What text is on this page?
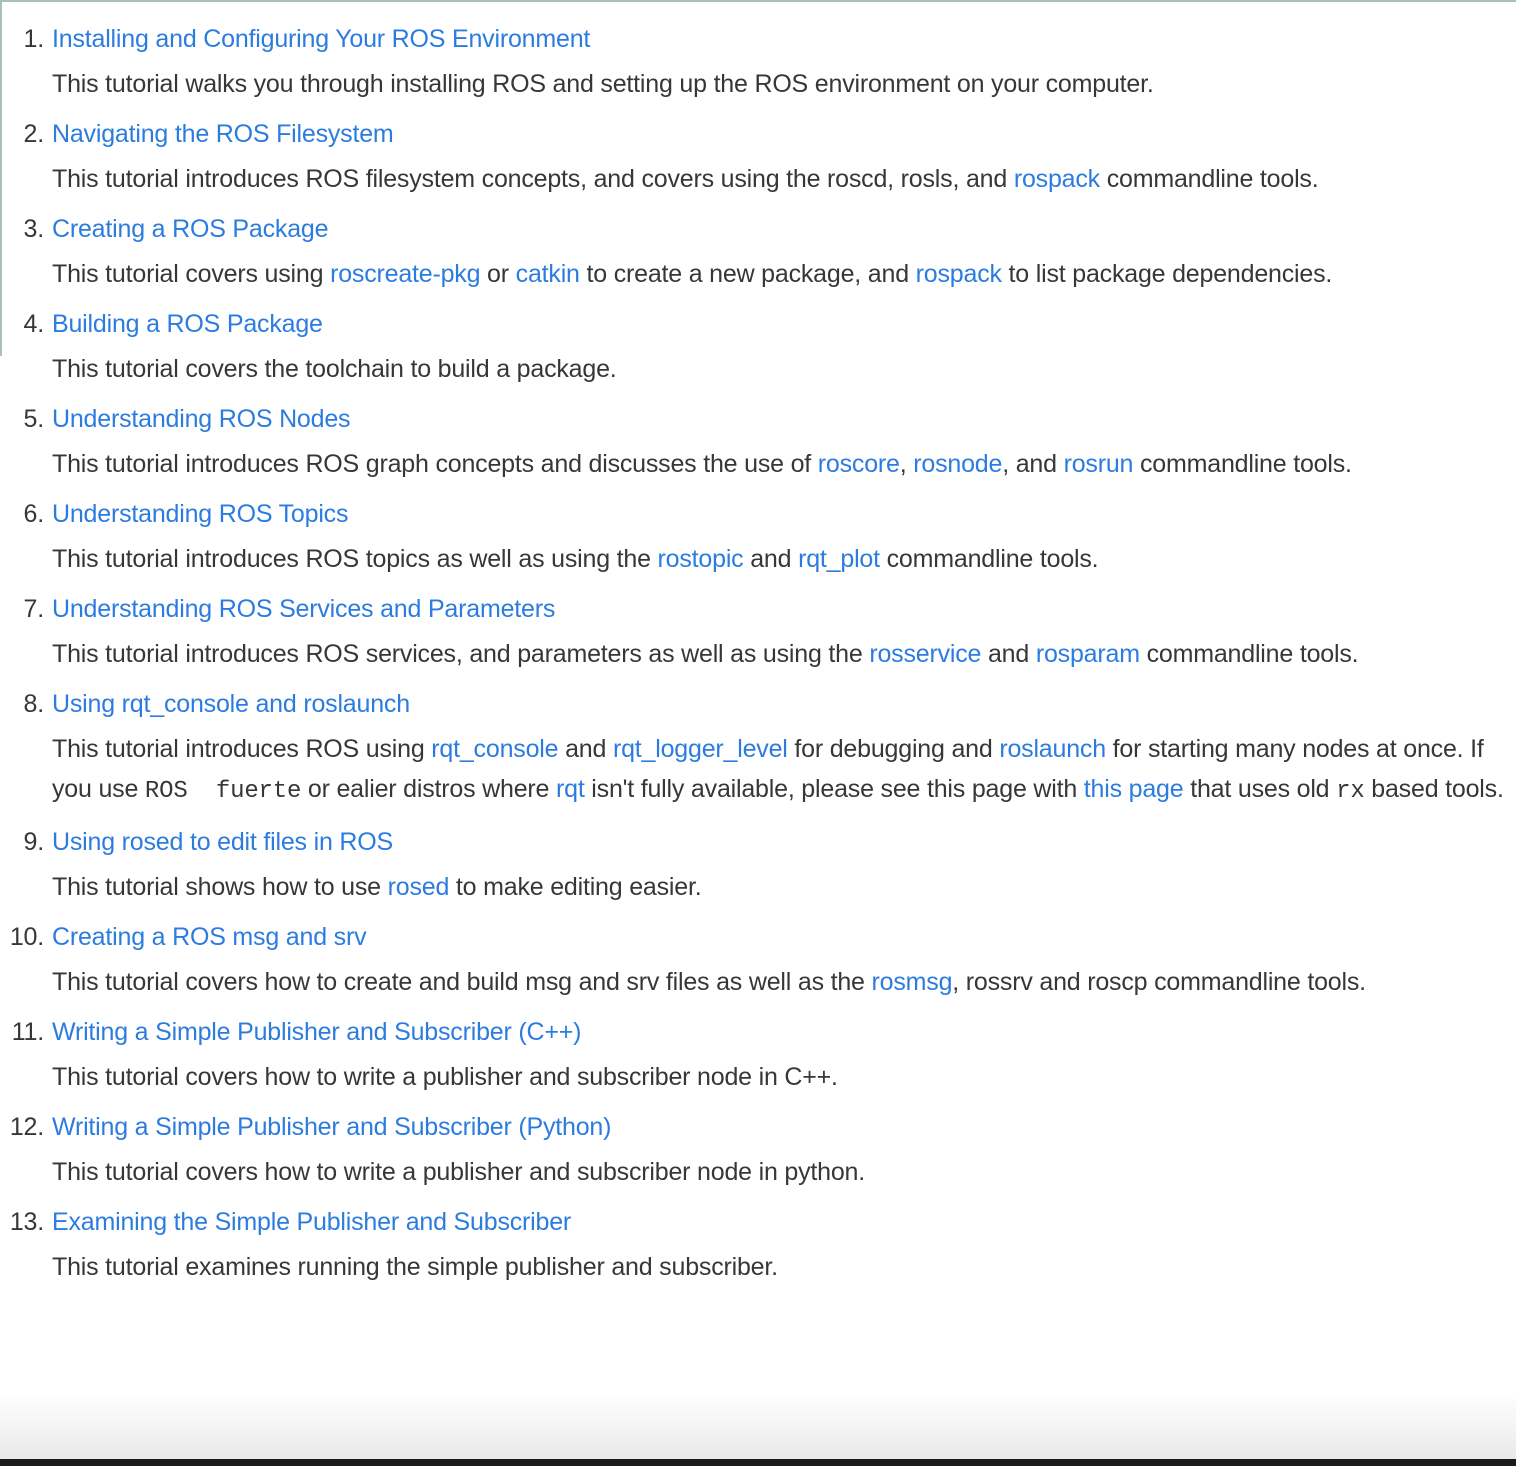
1. Installing and Configuring Your ROS Environment

This tutorial walks you through installing ROS and setting up the ROS environment on your computer.

2. Navigating the ROS Filesystem

This tutorial introduces ROS filesystem concepts, and covers using the roscd, rosls, and rospack commandline tools.

3. Creating a ROS Package

This tutorial covers using roscreate-pkg or catkin to create a new package, and rospack to list package dependencies.

4. Building a ROS Package

This tutorial covers the toolchain to build a package.

5. Understanding ROS Nodes

This tutorial introduces ROS graph concepts and discusses the use of roscore, rosnode, and rosrun commandline tools.

6. Understanding ROS Topics

This tutorial introduces ROS topics as well as using the rostopic and rqt_plot commandline tools.

7. Understanding ROS Services and Parameters

This tutorial introduces ROS services, and parameters as well as using the rosservice and rosparam commandline tools.

8. Using rqt_console and roslaunch

This tutorial introduces ROS using rqt_console and rqt_logger_level for debugging and roslaunch for starting many nodes at once. If you use ROS  fuerte or ealier distros where rqt isn't fully available, please see this page with this page that uses old rx based tools.

9. Using rosed to edit files in ROS

This tutorial shows how to use rosed to make editing easier.

10. Creating a ROS msg and srv

This tutorial covers how to create and build msg and srv files as well as the rosmsg, rossrv and roscp commandline tools.

11. Writing a Simple Publisher and Subscriber (C++)

This tutorial covers how to write a publisher and subscriber node in C++.

12. Writing a Simple Publisher and Subscriber (Python)

This tutorial covers how to write a publisher and subscriber node in python.

13. Examining the Simple Publisher and Subscriber

This tutorial examines running the simple publisher and subscriber.
